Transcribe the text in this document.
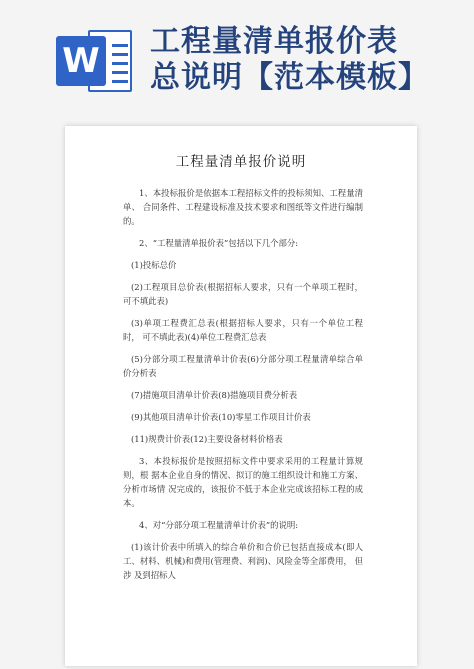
W 工程量清单报价表
总说明【范本模板】
工程量清单报价说明

1、本投标报价是依据本工程招标文件的投标须知、工程量清单、 合同条件、工程建设标准及技术要求和图纸等文件进行编制的。

2、“工程量清单报价表”包括以下几个部分:

(1)投标总价

(2)工程项目总价表(根据招标人要求，只有一个单项工程时， 可不填此表)

(3)单项工程费汇总表(根据招标人要求，只有一个单位工程时， 可不填此表)(4)单位工程费汇总表

(5)分部分项工程量清单计价表(6)分部分项工程量清单综合单价分析表

(7)措施项目清单计价表(8)措施项目费分析表

(9)其他项目清单计价表(10)零星工作项目计价表

(11)规费计价表(12)主要设备材料价格表

3、本投标报价是按照招标文件中要求采用的工程量计算规则，根 据本企业自身的情况、拟订的施工组织设计和施工方案、分析市场情 况完成的，该报价不低于本企业完成该招标工程的成本。

4、对“分部分项工程量清单计价表”的说明:

(1)该计价表中所填入的综合单价和合价已包括直接成本(即人 工、材料、机械)和费用(管理费、利润)、风险金等全部费用， 但涉 及到招标人
